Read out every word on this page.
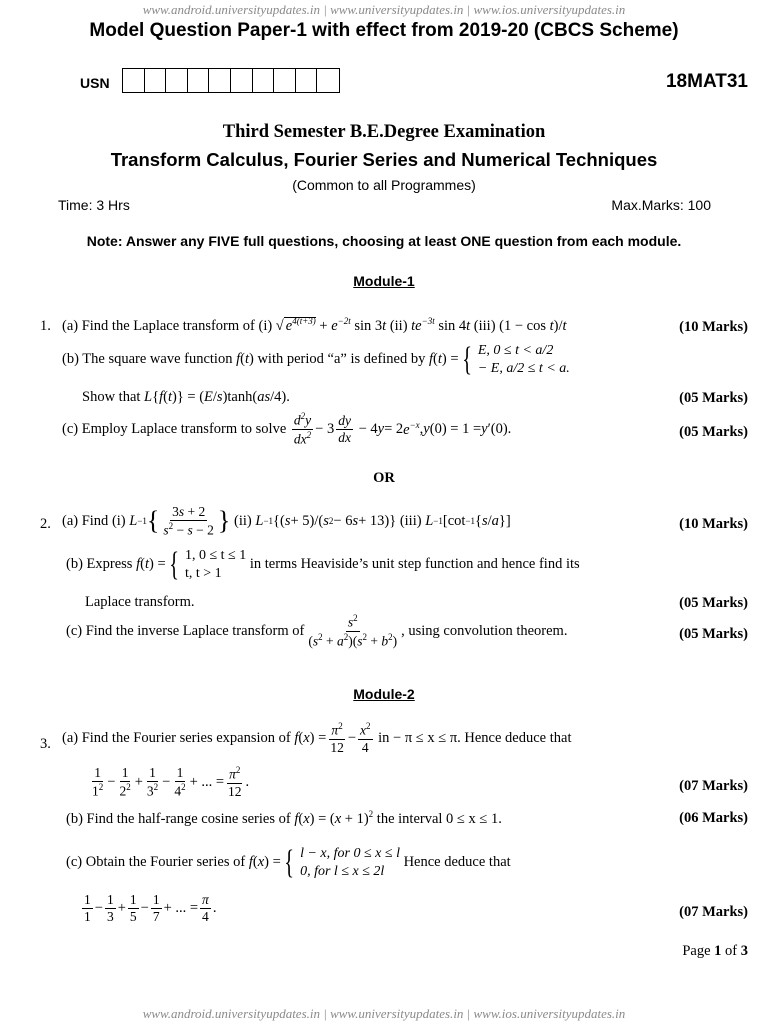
www.android.universityupdates.in | www.universityupdates.in | www.ios.universityupdates.in
Model Question Paper-1 with effect from 2019-20 (CBCS Scheme)
USN	18MAT31
Third Semester B.E.Degree Examination
Transform Calculus, Fourier Series and Numerical Techniques
(Common to all Programmes)
Time: 3 Hrs	Max.Marks: 100
Note: Answer any FIVE full questions, choosing at least ONE question from each module.
Module-1
1. (a) Find the Laplace transform of (i) √ $e^{4(t+3)} + e^{-2t}$ sin 3t (ii) $te^{-3t}$ sin 4t (iii) (1 − cos t)/t	(10 Marks)
(b) The square wave function
f ( t ) with period “a” is defined by
f ( t ) = { E, 0 ≤ t < a/2
− E, a/2 ≤ t < a.
Show that L{f(t)} = (E/s)tanh(as/4).	(05 Marks)
(c) Employ Laplace transform to solve
$\frac{d^2y}{dx^2} - 3 \frac{dy}{dx} - 4$ y = 2 $e^{-x}$ , y (0) = 1 = y ′(0).	(05 Marks)
OR
2. (a) Find
(i)
L −1 { $\frac{3s + 2}{s^2 - s - 2}$ }
(ii)
L −1 {( s + 5)/( s 2 − 6 s + 13)} (iii)
L −1 [cot −1 { s / a }]	(10 Marks)
(b) Express
f ( t ) = { 1, 0 ≤ t ≤ 1
t, t > 1

in terms Heaviside’s unit step function and hence find its
Laplace transform.	(05 Marks)
(c) Find the inverse Laplace transform of $\frac{s^2}{(s^2 + a^2)(s^2 + b^2)}$ , using convolution theorem.	(05 Marks)
Module-2
3. (a) Find the Fourier series expansion of
f ( x ) = $\frac{\pi^2}{12} - \frac{x^2}{4}$
in − π ≤ x ≤ π. Hence deduce that
$\frac{1}{1^2} - \frac{1}{2^2} + \frac{1}{3^2} - \frac{1}{4^2}$ + ... = $\frac{\pi^2}{12}$ .	(07 Marks)
(b) Find the half-range cosine series of $f(x) = (x + 1)^2$ the interval 0 ≤ x ≤ 1.	(06 Marks)
(c) Obtain the Fourier series of
f ( x ) = { l − x, for 0 ≤ x ≤ l
0, for l ≤ x ≤ 2l

Hence deduce that
$\frac{1}{1} - \frac{1}{3} + \frac{1}{5} - \frac{1}{7}$ + ... = $\frac{\pi}{4}$ .	(07 Marks)
Page 1 of 3
www.android.universityupdates.in | www.universityupdates.in | www.ios.universityupdates.in
